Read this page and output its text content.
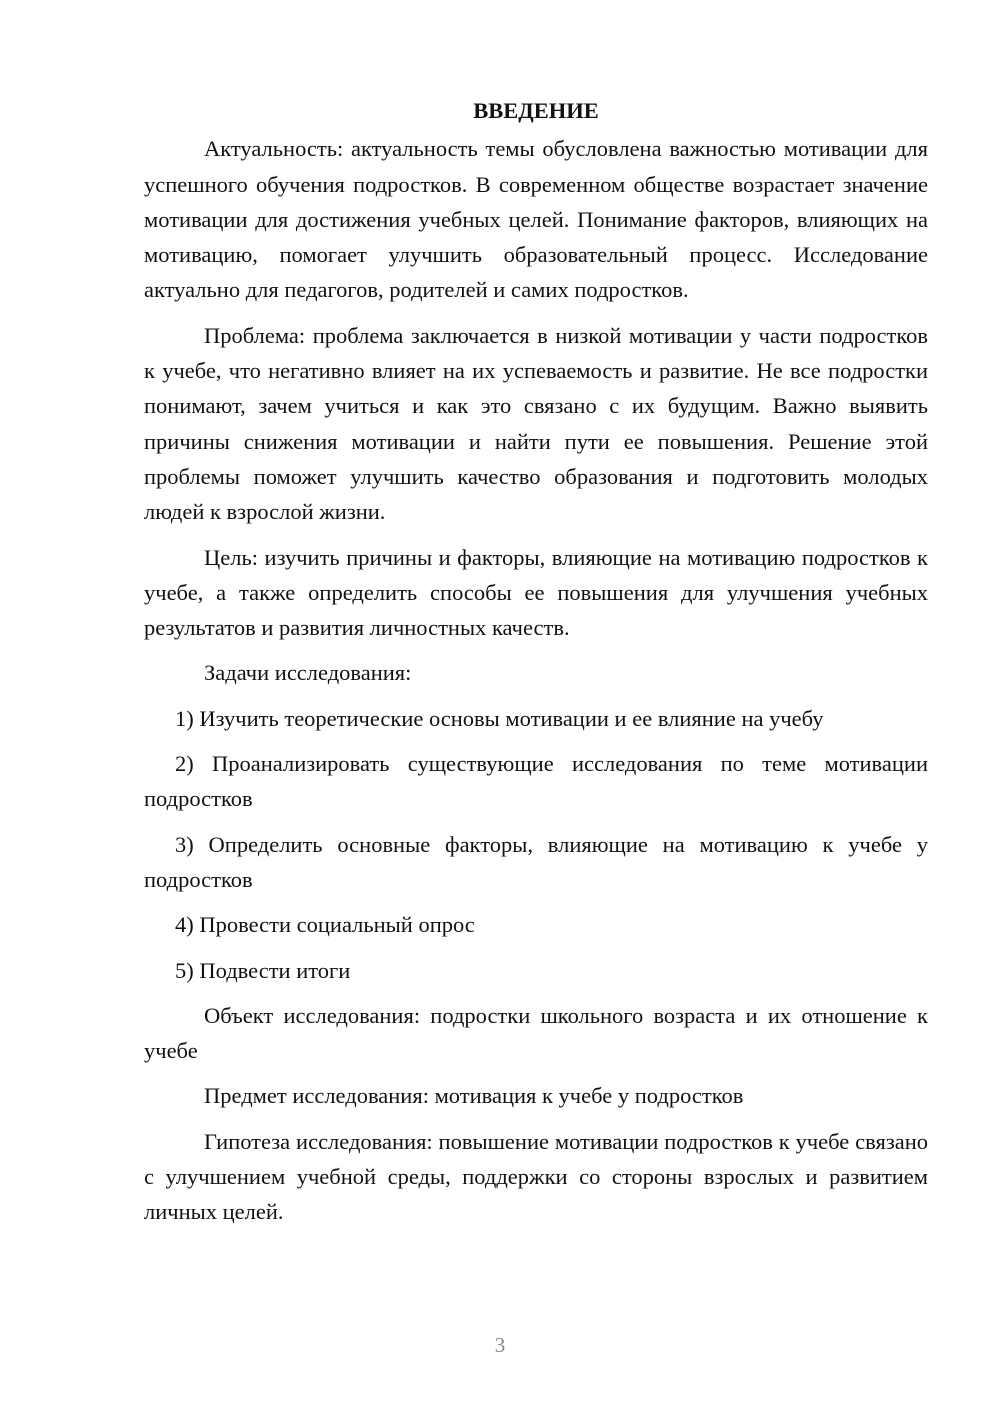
ВВЕДЕНИЕ

Актуальность: актуальность темы обусловлена важностью мотивации для успешного обучения подростков. В современном обществе возрастает значение мотивации для достижения учебных целей. Понимание факторов, влияющих на мотивацию, помогает улучшить образовательный процесс. Исследование актуально для педагогов, родителей и самих подростков.

Проблема: проблема заключается в низкой мотивации у части подростков к учебе, что негативно влияет на их успеваемость и развитие. Не все подростки понимают, зачем учиться и как это связано с их будущим. Важно выявить причины снижения мотивации и найти пути ее повышения. Решение этой проблемы поможет улучшить качество образования и подготовить молодых людей к взрослой жизни.

Цель: изучить причины и факторы, влияющие на мотивацию подростков к учебе, а также определить способы ее повышения для улучшения учебных результатов и развития личностных качеств.

Задачи исследования:

1) Изучить теоретические основы мотивации и ее влияние на учебу

2) Проанализировать существующие исследования по теме мотивации подростков

3) Определить основные факторы, влияющие на мотивацию к учебе у подростков

4) Провести социальный опрос

5) Подвести итоги

Объект исследования: подростки школьного возраста и их отношение к учебе

Предмет исследования: мотивация к учебе у подростков

Гипотеза исследования: повышение мотивации подростков к учебе связано с улучшением учебной среды, поддержки со стороны взрослых и развитием личных целей.

3
